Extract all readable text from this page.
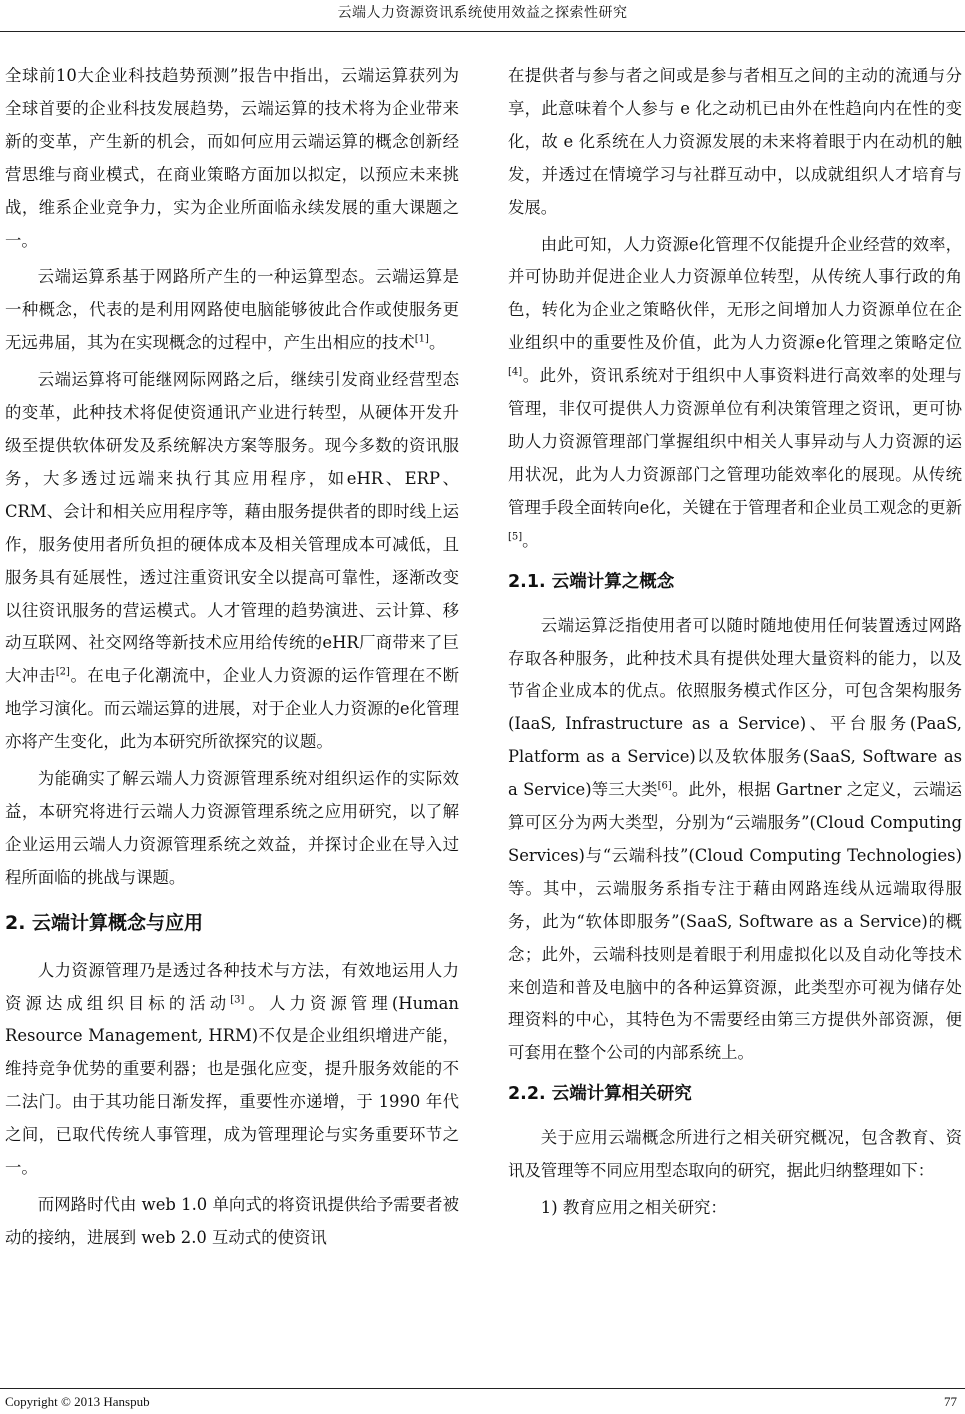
云端人力资源资讯系统使用效益之探索性研究

全球前10大企业科技趋势预测”报告中指出，云端运算获列为全球首要的企业科技发展趋势，云端运算的技术将为企业带来新的变革，产生新的机会，而如何应用云端运算的概念创新经营思维与商业模式，在商业策略方面加以拟定，以预应未来挑战，维系企业竞争力，实为企业所面临永续发展的重大课题之一。

云端运算系基于网路所产生的一种运算型态。云端运算是一种概念，代表的是利用网路使电脑能够彼此合作或使服务更无远弗届，其为在实现概念的过程中，产生出相应的技术[1]。

云端运算将可能继网际网路之后，继续引发商业经营型态的变革，此种技术将促使资通讯产业进行转型，从硬体开发升级至提供软体研发及系统解决方案等服务。现今多数的资讯服务，大多透过远端来执行其应用程序，如eHR、ERP、CRM、会计和相关应用程序等，藉由服务提供者的即时线上运作，服务使用者所负担的硬体成本及相关管理成本可减低，且服务具有延展性，透过注重资讯安全以提高可靠性，逐渐改变以往资讯服务的营运模式。人才管理的趋势演进、云计算、移动互联网、社交网络等新技术应用给传统的eHR厂商带来了巨大冲击[2]。在电子化潮流中，企业人力资源的运作管理在不断地学习演化。而云端运算的进展，对于企业人力资源的e化管理亦将产生变化，此为本研究所欲探究的议题。

为能确实了解云端人力资源管理系统对组织运作的实际效益，本研究将进行云端人力资源管理系统之应用研究，以了解企业运用云端人力资源管理系统之效益，并探讨企业在导入过程所面临的挑战与课题。

2. 云端计算概念与应用

人力资源管理乃是透过各种技术与方法，有效地运用人力资源达成组织目标的活动[3]。人力资源管理(Human Resource Management, HRM)不仅是企业组织增进产能，维持竞争优势的重要利器；也是强化应变，提升服务效能的不二法门。由于其功能日渐发挥，重要性亦递增，于 1990 年代之间，已取代传统人事管理，成为管理理论与实务重要环节之一。

而网路时代由 web 1.0 单向式的将资讯提供给予需要者被动的接纳，进展到 web 2.0 互动式的使资讯

在提供者与参与者之间或是参与者相互之间的主动的流通与分享，此意味着个人参与 e 化之动机已由外在性趋向内在性的变化，故 e 化系统在人力资源发展的未来将着眼于内在动机的触发，并透过在情境学习与社群互动中，以成就组织人才培育与发展。

由此可知，人力资源e化管理不仅能提升企业经营的效率，并可协助并促进企业人力资源单位转型，从传统人事行政的角色，转化为企业之策略伙伴，无形之间增加人力资源单位在企业组织中的重要性及价值，此为人力资源e化管理之策略定位[4]。此外，资讯系统对于组织中人事资料进行高效率的处理与管理，非仅可提供人力资源单位有利决策管理之资讯，更可协助人力资源管理部门掌握组织中相关人事异动与人力资源的运用状况，此为人力资源部门之管理功能效率化的展现。从传统管理手段全面转向e化，关键在于管理者和企业员工观念的更新[5]。

2.1. 云端计算之概念

云端运算泛指使用者可以随时随地使用任何装置透过网路存取各种服务，此种技术具有提供处理大量资料的能力，以及节省企业成本的优点。依照服务模式作区分，可包含架构服务(IaaS, Infrastructure as a Service)、平台服务(PaaS, Platform as a Service)以及软体服务(SaaS, Software as a Service)等三大类[6]。此外，根据 Gartner 之定义，云端运算可区分为两大类型，分别为“云端服务”(Cloud Computing Services)与“云端科技”(Cloud Computing Technologies)等。其中，云端服务系指专注于藉由网路连线从远端取得服务，此为“软体即服务”(SaaS, Software as a Service)的概念；此外，云端科技则是着眼于利用虚拟化以及自动化等技术来创造和普及电脑中的各种运算资源，此类型亦可视为储存处理资料的中心，其特色为不需要经由第三方提供外部资源，便可套用在整个公司的内部系统上。

2.2. 云端计算相关研究

关于应用云端概念所进行之相关研究概况，包含教育、资讯及管理等不同应用型态取向的研究，据此归纳整理如下：

1) 教育应用之相关研究：

Copyright © 2013 Hanspub	77
